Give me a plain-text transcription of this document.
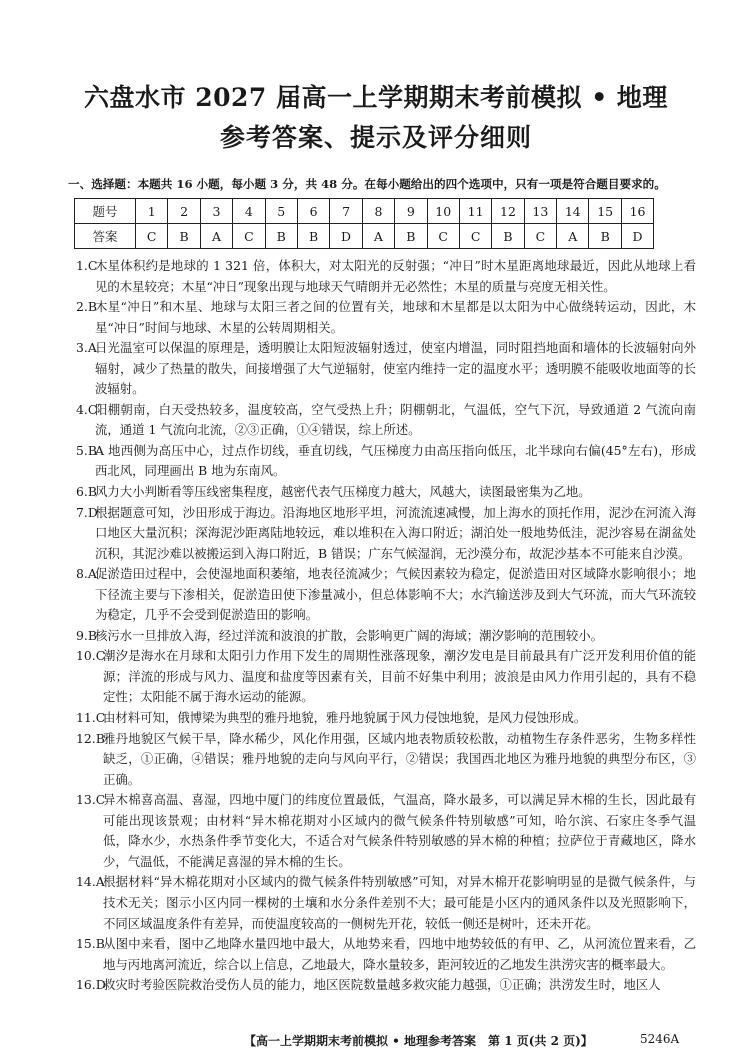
六盘水市 2027 届高一上学期期末考前模拟 • 地理
参考答案、提示及评分细则
一、选择题：本题共 16 小题，每小题 3 分，共 48 分。在每小题给出的四个选项中，只有一项是符合题目要求的。
题号	1	2	3	4	5	6	7	8	9	10	11	12	13	14	15	16
答案	C	B	A	C	B	B	D	A	B	C	C	B	C	A	B	D

1.C
木星体积约是地球的 1 321 倍，体积大，对太阳光的反射强；“冲日”时木星距离地球最近，因此从地球上看见的木星较亮；木星“冲日”现象出现与地球天气晴朗并无必然性；木星的质量与亮度无相关性。

2.B
木星“冲日”和木星、地球与太阳三者之间的位置有关，地球和木星都是以太阳为中心做绕转运动，因此，木星“冲日”时间与地球、木星的公转周期相关。

3.A
日光温室可以保温的原理是，透明膜让太阳短波辐射透过，使室内增温，同时阻挡地面和墙体的长波辐射向外辐射，减少了热量的散失，间接增强了大气逆辐射，使室内维持一定的温度水平；透明膜不能吸收地面等的长波辐射。

4.C
阳棚朝南，白天受热较多，温度较高，空气受热上升；阴棚朝北，气温低，空气下沉，导致通道 2 气流向南流，通道 1 气流向北流，②③正确，①④错误，综上所述。

5.B
A 地西侧为高压中心，过点作切线，垂直切线，气压梯度力由高压指向低压，北半球向右偏(45°左右)，形成西北风，同理画出 B 地为东南风。

6.B
风力大小判断看等压线密集程度，越密代表气压梯度力越大，风越大，读图最密集为乙地。

7.D
根据题意可知，沙田形成于海边。沿海地区地形平坦，河流流速减慢，加上海水的顶托作用，泥沙在河流入海口地区大量沉积；深海泥沙距离陆地较远，难以堆积在入海口附近；湖泊处一般地势低洼，泥沙容易在湖盆处沉积，其泥沙难以被搬运到入海口附近，B 错误；广东气候湿润，无沙漠分布，故泥沙基本不可能来自沙漠。

8.A
促淤造田过程中，会使湿地面积萎缩，地表径流减少；气候因素较为稳定，促淤造田对区域降水影响很小；地下径流主要与下渗相关，促淤造田使下渗量减小，但总体影响不大；水汽输送涉及到大气环流，而大气环流较为稳定，几乎不会受到促淤造田的影响。

9.B
核污水一旦排放入海，经过洋流和波浪的扩散，会影响更广阔的海域；潮汐影响的范围较小。

10.C
潮汐是海水在月球和太阳引力作用下发生的周期性涨落现象，潮汐发电是目前最具有广泛开发利用价值的能源；洋流的形成与风力、温度和盐度等因素有关，目前不好集中利用；波浪是由风力作用引起的，具有不稳定性；太阳能不属于海水运动的能源。

11.C
由材料可知，俄博梁为典型的雅丹地貌，雅丹地貌属于风力侵蚀地貌，是风力侵蚀形成。

12.B
雅丹地貌区气候干旱，降水稀少，风化作用强，区域内地表物质较松散，动植物生存条件恶劣，生物多样性缺乏，①正确，④错误；雅丹地貌的走向与风向平行，②错误；我国西北地区为雅丹地貌的典型分布区，③正确。

13.C
异木棉喜高温、喜湿，四地中厦门的纬度位置最低，气温高，降水最多，可以满足异木棉的生长，因此最有可能出现该景观；由材料“异木棉花期对小区域内的微气候条件特别敏感”可知，哈尔滨、石家庄冬季气温低，降水少，水热条件季节变化大，不适合对气候条件特别敏感的异木棉的种植；拉萨位于青藏地区，降水少，气温低，不能满足喜湿的异木棉的生长。

14.A
根据材料“异木棉花期对小区域内的微气候条件特别敏感”可知，对异木棉开花影响明显的是微气候条件，与技术无关；图示小区内同一棵树的土壤和水分条件差别不大；最可能是小区内的通风条件以及光照影响下，不同区域温度条件有差异，而使温度较高的一侧树先开花，较低一侧还是树叶，还未开花。

15.B
从图中来看，图中乙地降水量四地中最大，从地势来看，四地中地势较低的有甲、乙，从河流位置来看，乙地与丙地离河流近，综合以上信息，乙地最大，降水量较多，距河较近的乙地发生洪涝灾害的概率最大。

16.D
救灾时考验医院救治受伤人员的能力，地区医院数量越多救灾能力越强，①正确；洪涝发生时，地区人

【高一上学期期末考前模拟 • 地理参考答案　第 1 页(共 2 页)】	5246A
